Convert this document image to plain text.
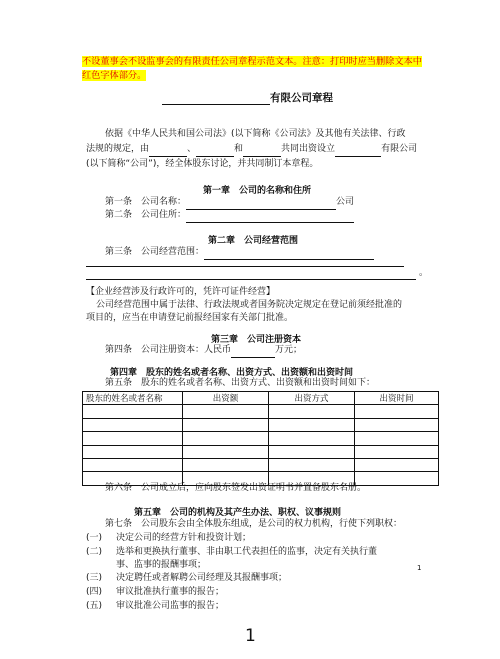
不设董事会不设监事会的有限责任公司章程示范文本。注意：打印时应当删除文本中红色字体部分。
有限公司章程
依据《中华人民共和国公司法》(以下简称《公司法》及其他有关法律、行政
法规的规定，由	、	和	共同出资设立	有限公司
(以下简称“公司”)，经全体股东讨论，并共同制订本章程。
第一章　公司的名称和住所
第一条　公司名称：	公司
第二条　公司住所：
第二章　公司经营范围
第三条　公司经营范围：
。
【企业经营涉及行政许可的，凭许可证件经营】
公司经营范围中属于法律、行政法规或者国务院决定规定在登记前须经批准的
项目的，应当在申请登记前报经国家有关部门批准。
第三章　公司注册资本
第四条　公司注册资本：人民币	万元；
第四章　股东的姓名或者名称、出资方式、出资额和出资时间
第五条　股东的姓名或者名称、出资方式、出资额和出资时间如下：
股东的姓名或者名称	出资额	出资方式	出资时间

第六条　公司成立后，应向股东签发出资证明书并置备股东名册。
第五章　公司的机构及其产生办法、职权、议事规则
第七条　公司股东会由全体股东组成，是公司的权力机构，行使下列职权：
(一) 决定公司的经营方针和投资计划；
(二) 选举和更换执行董事、非由职工代表担任的监事，决定有关执行董
事、监事的报酬事项；
(三) 决定聘任或者解聘公司经理及其报酬事项；
(四) 审议批准执行董事的报告；
(五) 审议批准公司监事的报告；
1
1
